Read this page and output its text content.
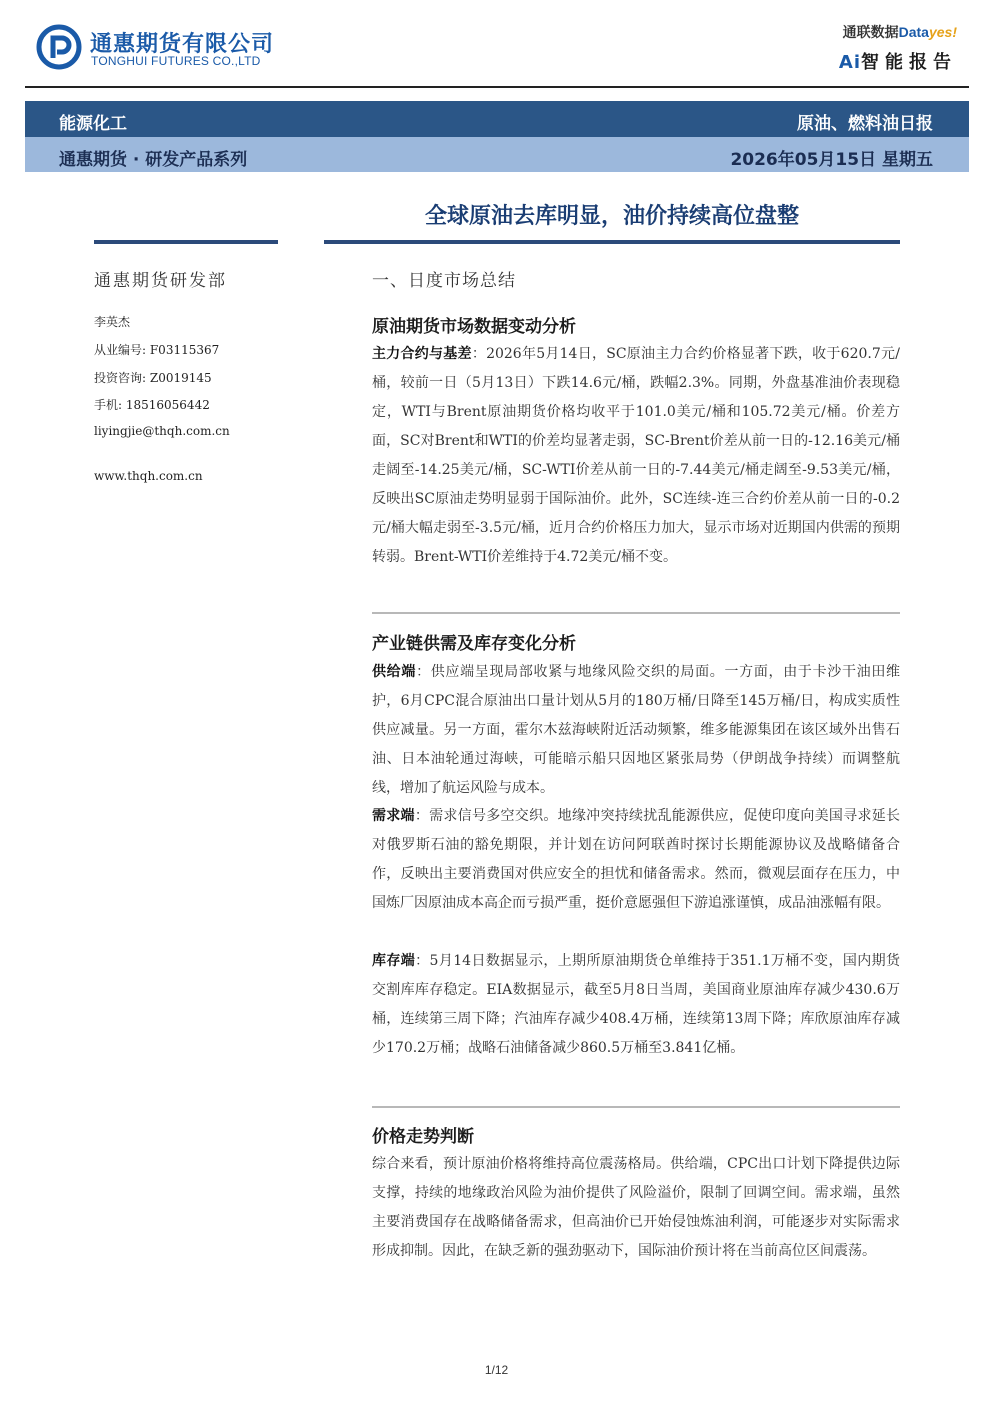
通惠期货有限公司
TONGHUI FUTURES CO.,LTD
通联数据Datayes!
Ai智能报告
能源化工	原油、燃料油日报
通惠期货 · 研发产品系列	2026年05月15日 星期五
全球原油去库明显，油价持续高位盘整
通惠期货研发部
李英杰
从业编号: F03115367
投资咨询: Z0019145
手机: 18516056442
liyingjie@thqh.com.cn
www.thqh.com.cn
一、日度市场总结
原油期货市场数据变动分析
主力合约与基差：2026年5月14日，SC原油主力合约价格显著下跌，收于620.7元/桶，较前一日（5月13日）下跌14.6元/桶，跌幅2.3%。同期，外盘基准油价表现稳定，WTI与Brent原油期货价格均收平于101.0美元/桶和105.72美元/桶。价差方面，SC对Brent和WTI的价差均显著走弱，SC-Brent价差从前一日的-12.16美元/桶走阔至-14.25美元/桶，SC-WTI价差从前一日的-7.44美元/桶走阔至-9.53美元/桶，反映出SC原油走势明显弱于国际油价。此外，SC连续-连三合约价差从前一日的-0.2元/桶大幅走弱至-3.5元/桶，近月合约价格压力加大，显示市场对近期国内供需的预期转弱。Brent-WTI价差维持于4.72美元/桶不变。
产业链供需及库存变化分析
供给端：供应端呈现局部收紧与地缘风险交织的局面。一方面，由于卡沙干油田维护，6月CPC混合原油出口量计划从5月的180万桶/日降至145万桶/日，构成实质性供应减量。另一方面，霍尔木兹海峡附近活动频繁，维多能源集团在该区域外出售石油、日本油轮通过海峡，可能暗示船只因地区紧张局势（伊朗战争持续）而调整航线，增加了航运风险与成本。
需求端：需求信号多空交织。地缘冲突持续扰乱能源供应，促使印度向美国寻求延长对俄罗斯石油的豁免期限，并计划在访问阿联酋时探讨长期能源协议及战略储备合作，反映出主要消费国对供应安全的担忧和储备需求。然而，微观层面存在压力，中国炼厂因原油成本高企而亏损严重，挺价意愿强但下游追涨谨慎，成品油涨幅有限。
库存端：5月14日数据显示，上期所原油期货仓单维持于351.1万桶不变，国内期货交割库库存稳定。EIA数据显示，截至5月8日当周，美国商业原油库存减少430.6万桶，连续第三周下降；汽油库存减少408.4万桶，连续第13周下降；库欣原油库存减少170.2万桶；战略石油储备减少860.5万桶至3.841亿桶。
价格走势判断
综合来看，预计原油价格将维持高位震荡格局。供给端，CPC出口计划下降提供边际支撑，持续的地缘政治风险为油价提供了风险溢价，限制了回调空间。需求端，虽然主要消费国存在战略储备需求，但高油价已开始侵蚀炼油利润，可能逐步对实际需求形成抑制。因此，在缺乏新的强劲驱动下，国际油价预计将在当前高位区间震荡。
1/12
